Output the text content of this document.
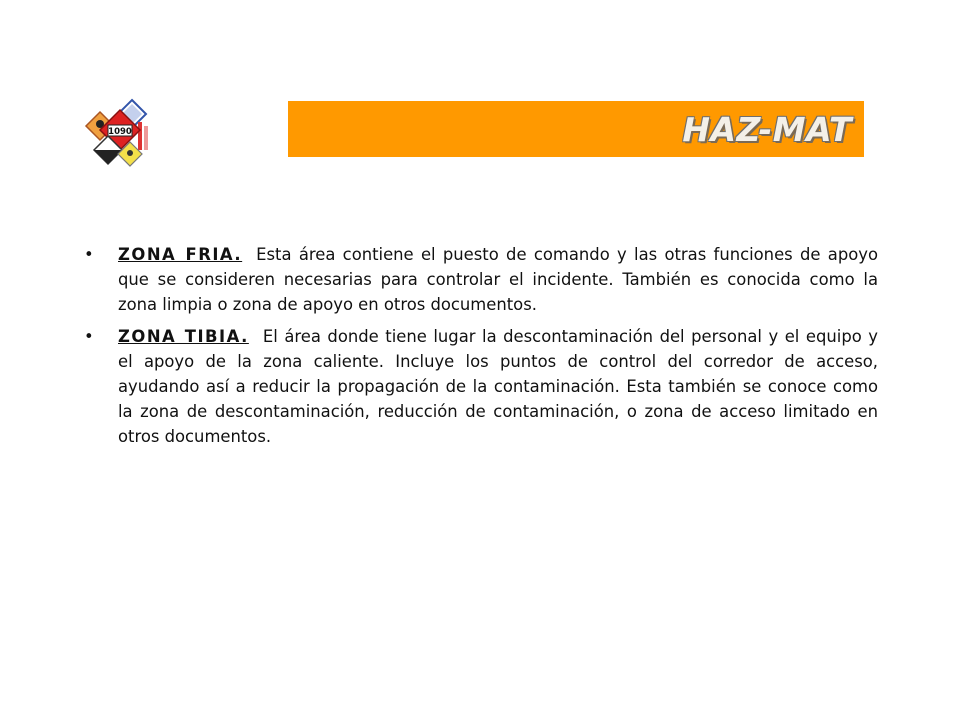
1090	HAZ-MAT
• ZONA FRIA. Esta área contiene el puesto de comando y las otras funciones de apoyo que se consideren necesarias para controlar el incidente. También es conocida como la zona limpia o zona de apoyo en otros documentos.
• ZONA TIBIA. El área donde tiene lugar la descontaminación del personal y el equipo y el apoyo de la zona caliente. Incluye los puntos de control del corredor de acceso, ayudando así a reducir la propagación de la contaminación. Esta también se conoce como la zona de descontaminación, reducción de contaminación, o zona de acceso limitado en otros documentos.
